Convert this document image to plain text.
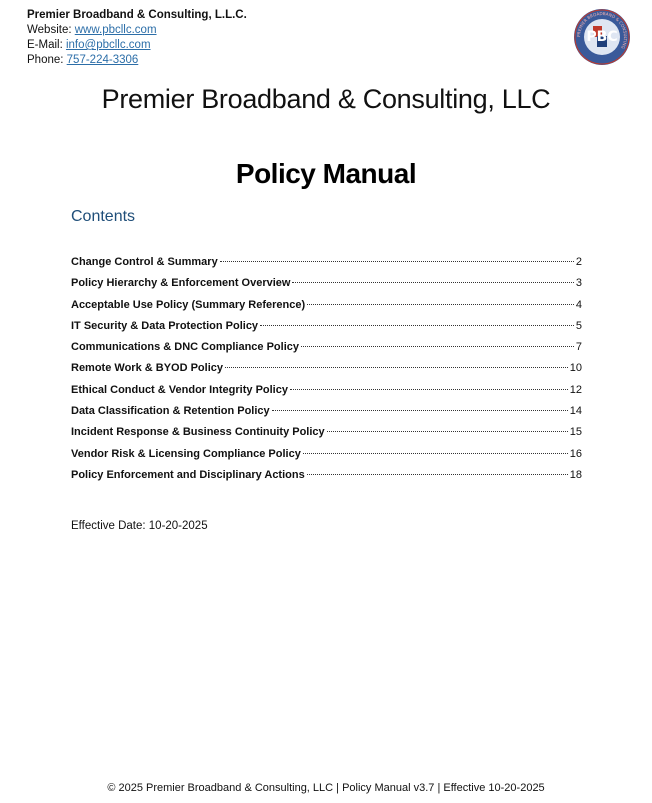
Premier Broadband & Consulting, L.L.C.
Website: www.pbcllc.com
E-Mail: info@pbcllc.com
Phone: 757-224-3306
PREMIER BROADBAND & CONSULTING
PBC
Premier Broadband & Consulting, LLC
Policy Manual
Contents
Change Control & Summary	2
Policy Hierarchy & Enforcement Overview	3
Acceptable Use Policy (Summary Reference)	4
IT Security & Data Protection Policy	5
Communications & DNC Compliance Policy	7
Remote Work & BYOD Policy	10
Ethical Conduct & Vendor Integrity Policy	12
Data Classification & Retention Policy	14
Incident Response & Business Continuity Policy	15
Vendor Risk & Licensing Compliance Policy	16
Policy Enforcement and Disciplinary Actions	18
Effective Date: 10-20-2025
© 2025 Premier Broadband & Consulting, LLC | Policy Manual v3.7 | Effective 10-20-2025
